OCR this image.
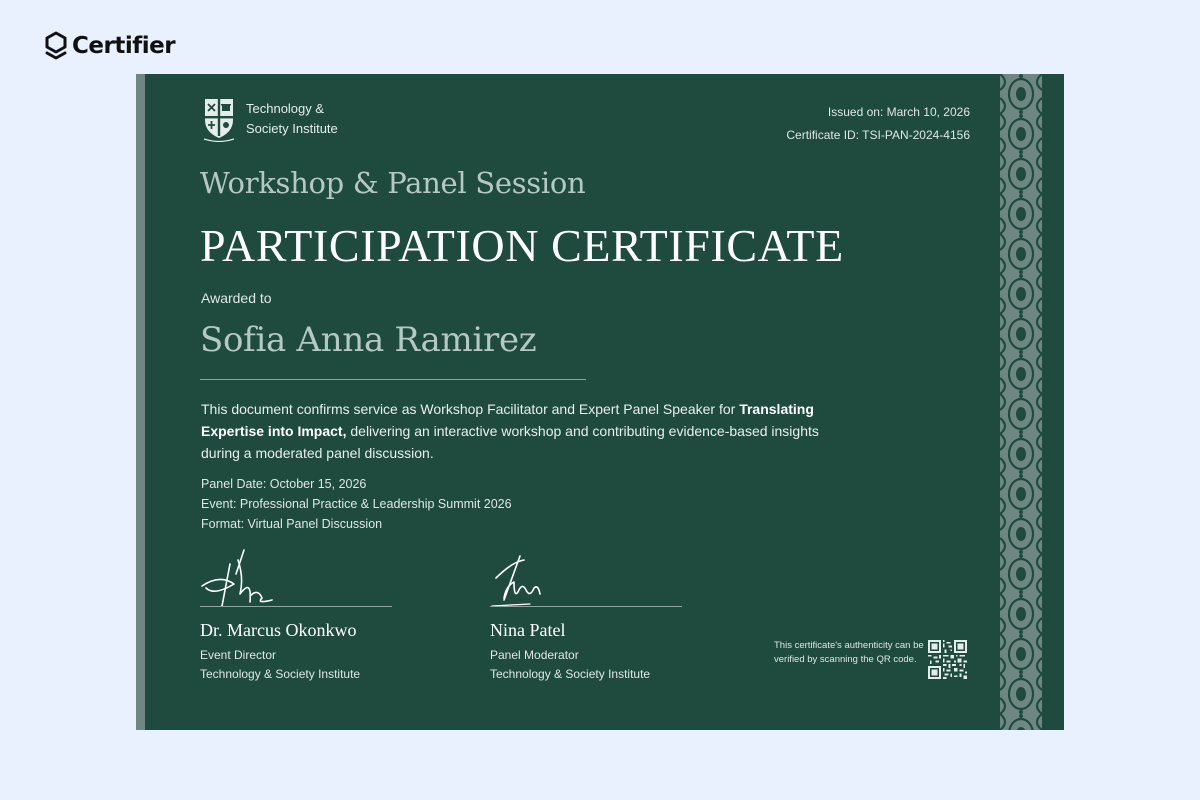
Certifier
Technology &
Society Institute
Issued on: March 10, 2026
Certificate ID: TSI-PAN-2024-4156
Workshop & Panel Session
PARTICIPATION CERTIFICATE
Awarded to
Sofia Anna Ramirez
This document confirms service as Workshop Facilitator and Expert Panel Speaker for Translating Expertise into Impact, delivering an interactive workshop and contributing evidence-based insights during a moderated panel discussion.
Panel Date: October 15, 2026
Event: Professional Practice & Leadership Summit 2026
Format: Virtual Panel Discussion
Dr. Marcus Okonkwo
Event Director
Technology & Society Institute
Nina Patel
Panel Moderator
Technology & Society Institute
This certificate's authenticity can be verified by scanning the QR code.
